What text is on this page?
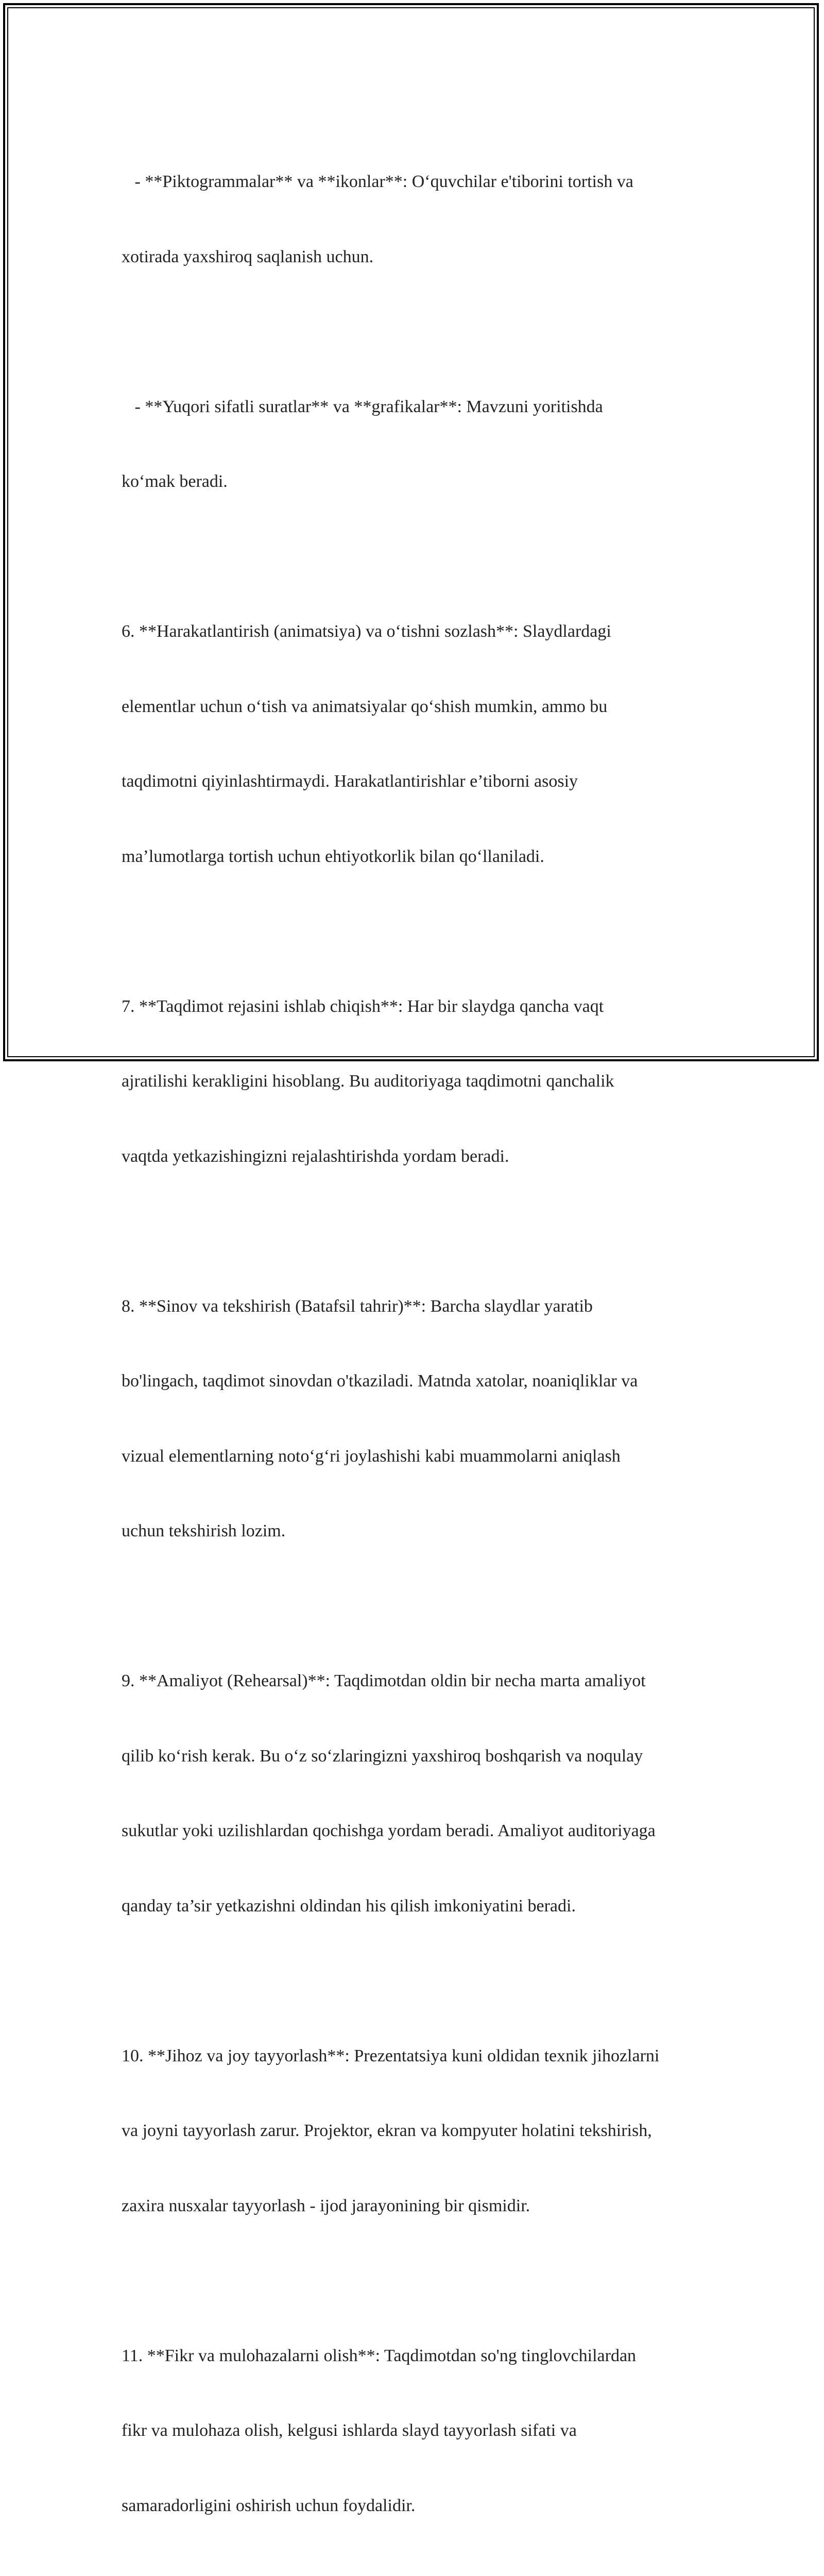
- **Piktogrammalar** va **ikonlar**: O‘quvchilar e'tiborini tortish va

xotirada yaxshiroq saqlanish uchun.

- **Yuqori sifatli suratlar** va **grafikalar**: Mavzuni yoritishda

ko‘mak beradi.

6. **Harakatlantirish (animatsiya) va o‘tishni sozlash**: Slaydlardagi

elementlar uchun o‘tish va animatsiyalar qo‘shish mumkin, ammo bu

taqdimotni qiyinlashtirmaydi. Harakatlantirishlar e’tiborni asosiy

ma’lumotlarga tortish uchun ehtiyotkorlik bilan qo‘llaniladi.

7. **Taqdimot rejasini ishlab chiqish**: Har bir slaydga qancha vaqt

ajratilishi kerakligini hisoblang. Bu auditoriyaga taqdimotni qanchalik

vaqtda yetkazishingizni rejalashtirishda yordam beradi.

8. **Sinov va tekshirish (Batafsil tahrir)**: Barcha slaydlar yaratib

bo'lingach, taqdimot sinovdan o'tkaziladi. Matnda xatolar, noaniqliklar va

vizual elementlarning noto‘g‘ri joylashishi kabi muammolarni aniqlash

uchun tekshirish lozim.

9. **Amaliyot (Rehearsal)**: Taqdimotdan oldin bir necha marta amaliyot

qilib ko‘rish kerak. Bu o‘z so‘zlaringizni yaxshiroq boshqarish va noqulay

sukutlar yoki uzilishlardan qochishga yordam beradi. Amaliyot auditoriyaga

qanday ta’sir yetkazishni oldindan his qilish imkoniyatini beradi.

10. **Jihoz va joy tayyorlash**: Prezentatsiya kuni oldidan texnik jihozlarni

va joyni tayyorlash zarur. Projektor, ekran va kompyuter holatini tekshirish,

zaxira nusxalar tayyorlash - ijod jarayonining bir qismidir.

11. **Fikr va mulohazalarni olish**: Taqdimotdan so'ng tinglovchilardan

fikr va mulohaza olish, kelgusi ishlarda slayd tayyorlash sifati va

samaradorligini oshirish uchun foydalidir.
